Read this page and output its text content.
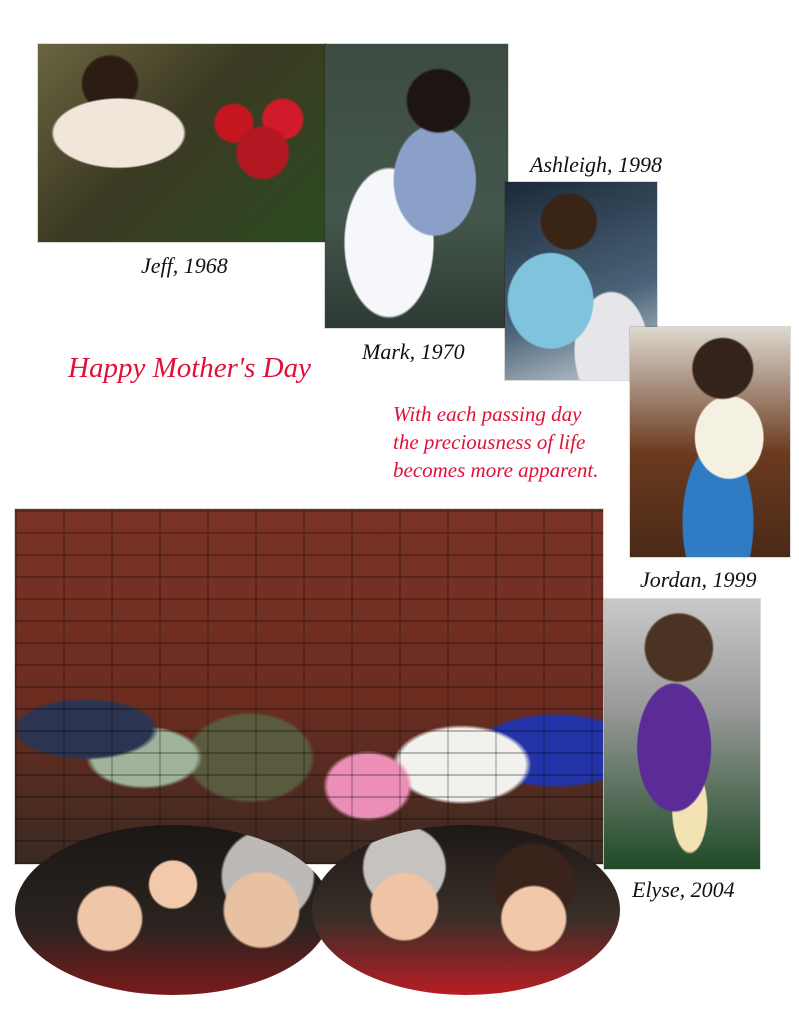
Jeff, 1968
Mark, 1970
Ashleigh, 1998
Jordan, 1999
Elyse, 2004
Happy Mother's Day
With each passing day
the preciousness of life
becomes more apparent.
